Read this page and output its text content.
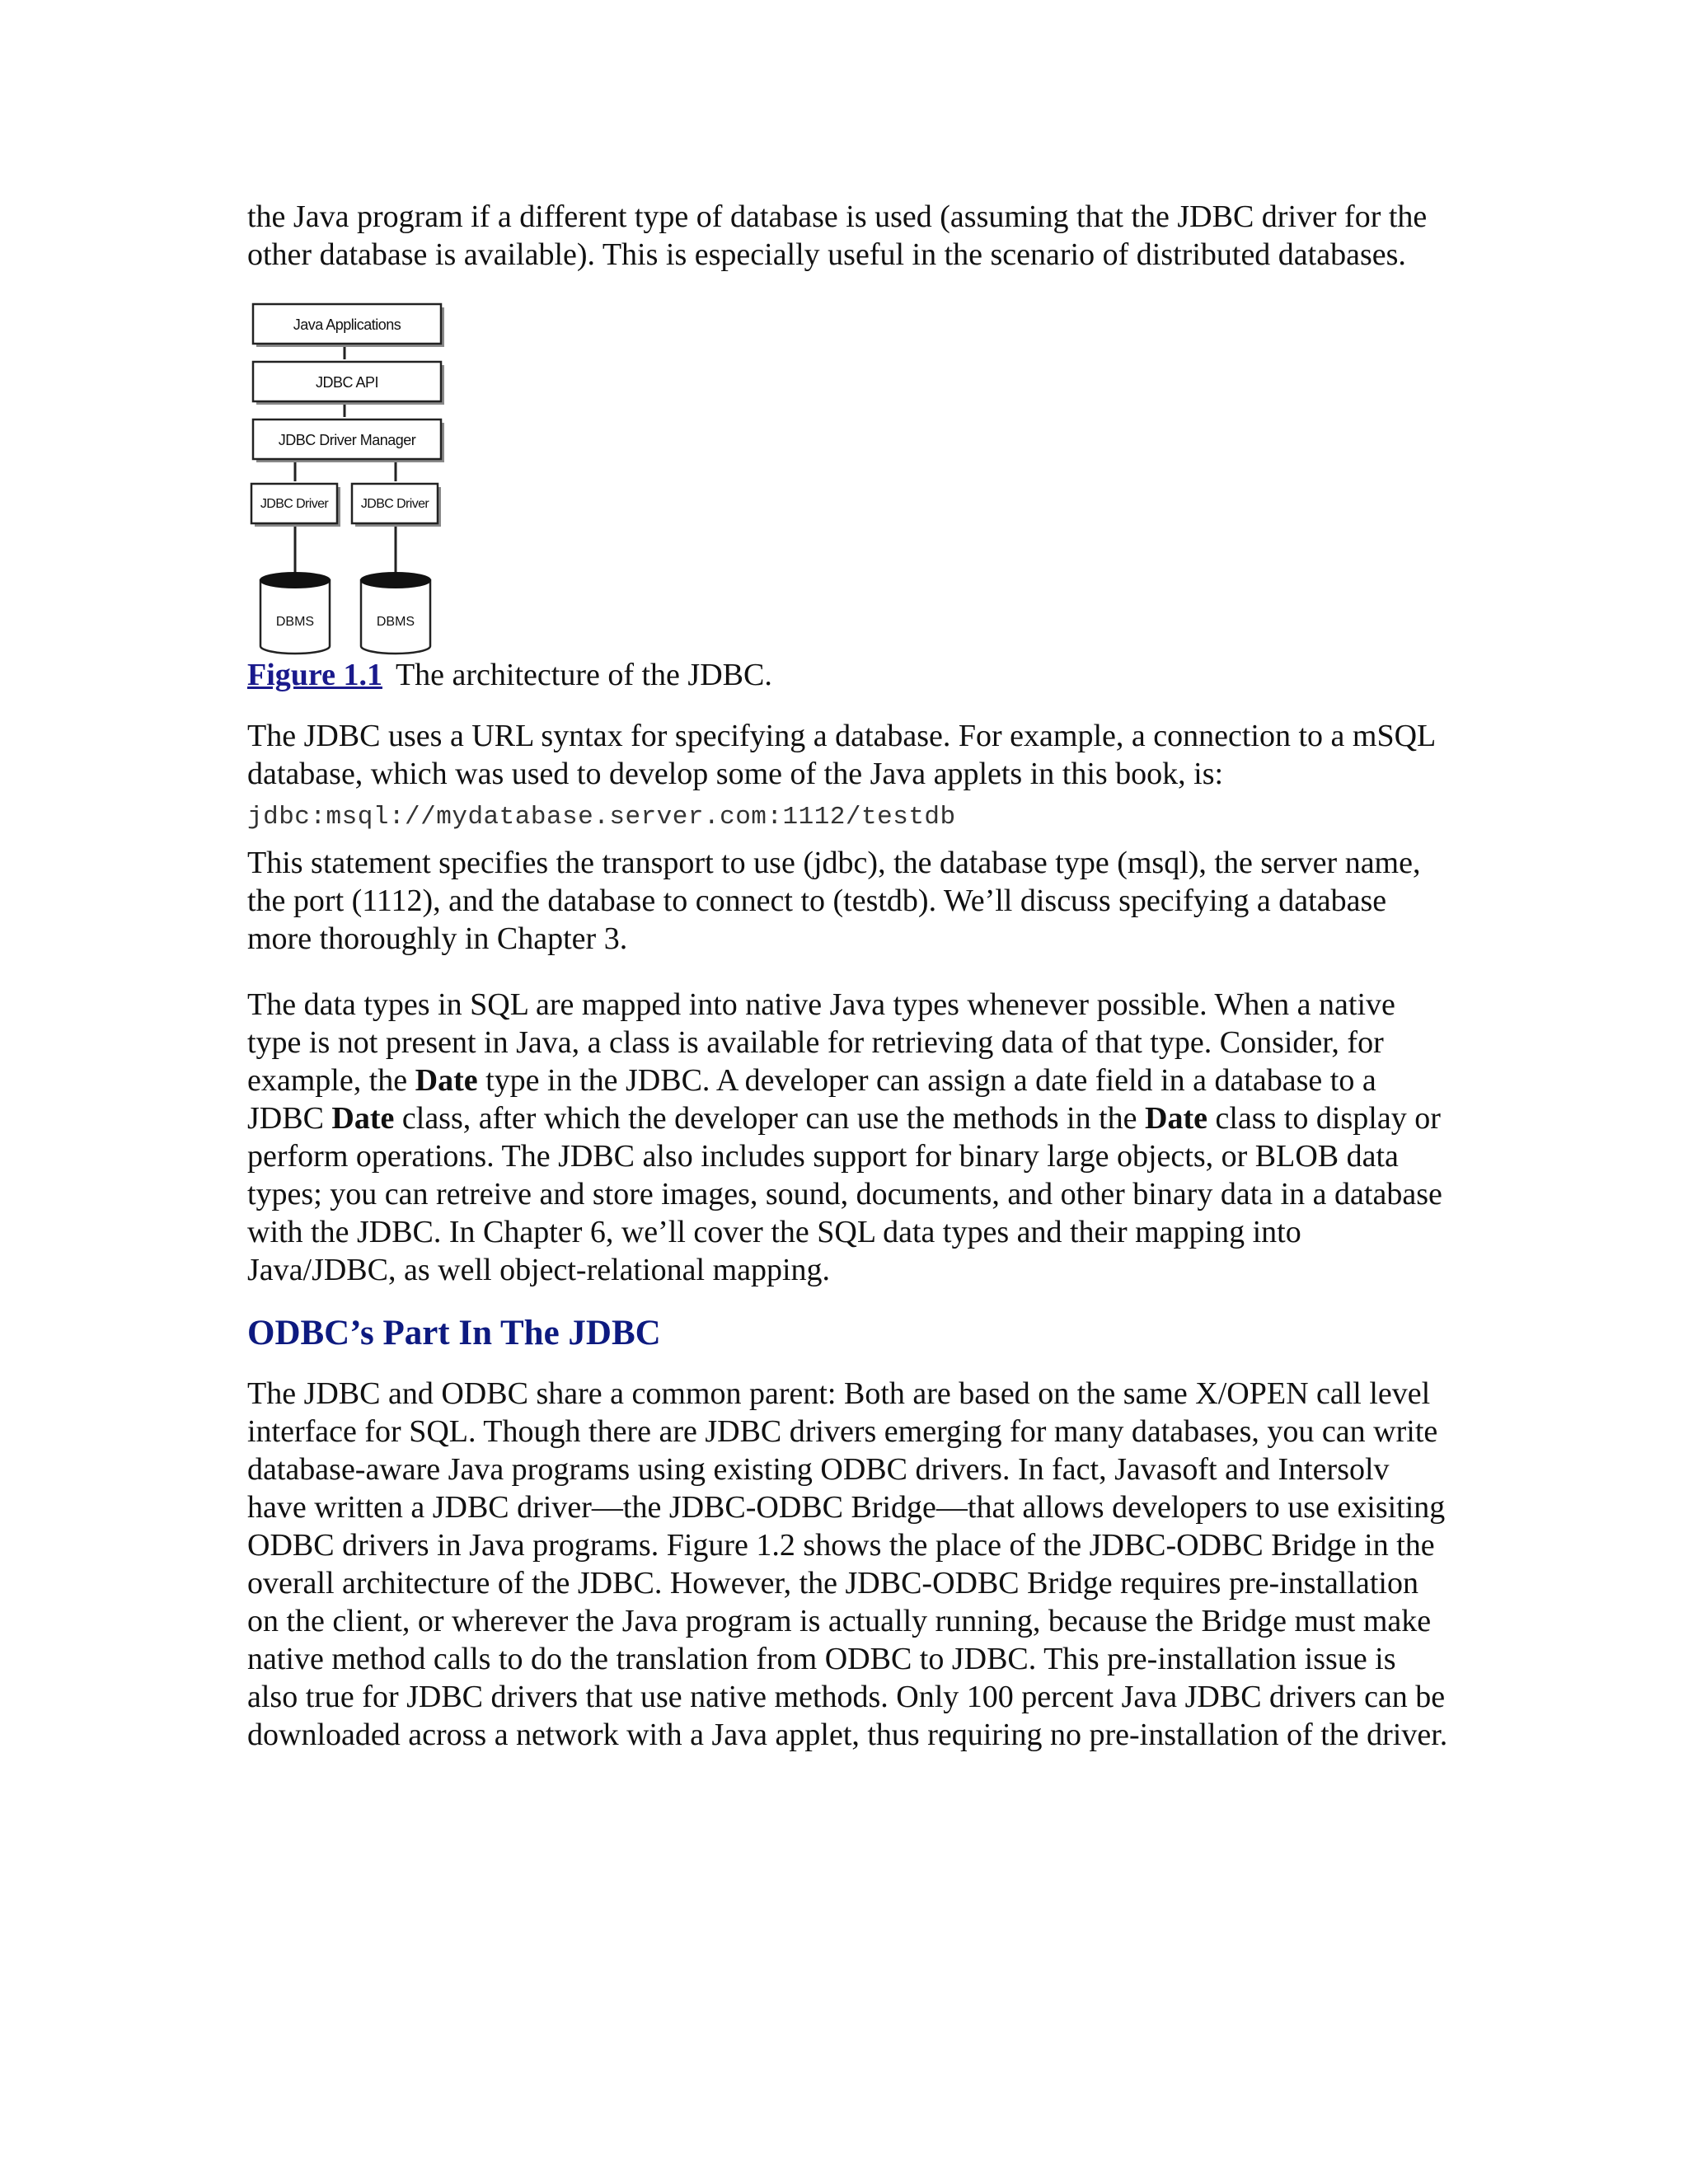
the Java program if a different type of database is used (assuming that the JDBC driver for the other database is available). This is especially useful in the scenario of distributed databases.

Java Applications
JDBC API
JDBC Driver Manager
JDBC Driver JDBC Driver
DBMS	DBMS

Figure 1.1 The architecture of the JDBC.

The JDBC uses a URL syntax for specifying a database. For example, a connection to a mSQL database, which was used to develop some of the Java applets in this book, is:

jdbc:msql://mydatabase.server.com:1112/testdb

This statement specifies the transport to use (jdbc), the database type (msql), the server name, the port (1112), and the database to connect to (testdb). We’ll discuss specifying a database more thoroughly in Chapter 3.

The data types in SQL are mapped into native Java types whenever possible. When a native type is not present in Java, a class is available for retrieving data of that type. Consider, for example, the Date type in the JDBC. A developer can assign a date field in a database to a JDBC Date class, after which the developer can use the methods in the Date class to display or perform operations. The JDBC also includes support for binary large objects, or BLOB data types; you can retreive and store images, sound, documents, and other binary data in a database with the JDBC. In Chapter 6, we’ll cover the SQL data types and their mapping into Java/JDBC, as well object-relational mapping.

ODBC’s Part In The JDBC

The JDBC and ODBC share a common parent: Both are based on the same X/OPEN call level interface for SQL. Though there are JDBC drivers emerging for many databases, you can write database-aware Java programs using existing ODBC drivers. In fact, Javasoft and Intersolv have written a JDBC driver—the JDBC-ODBC Bridge—that allows developers to use exisiting ODBC drivers in Java programs. Figure 1.2 shows the place of the JDBC-ODBC Bridge in the overall architecture of the JDBC. However, the JDBC-ODBC Bridge requires pre-installation on the client, or wherever the Java program is actually running, because the Bridge must make native method calls to do the translation from ODBC to JDBC. This pre-installation issue is also true for JDBC drivers that use native methods. Only 100 percent Java JDBC drivers can be downloaded across a network with a Java applet, thus requiring no pre-installation of the driver.
